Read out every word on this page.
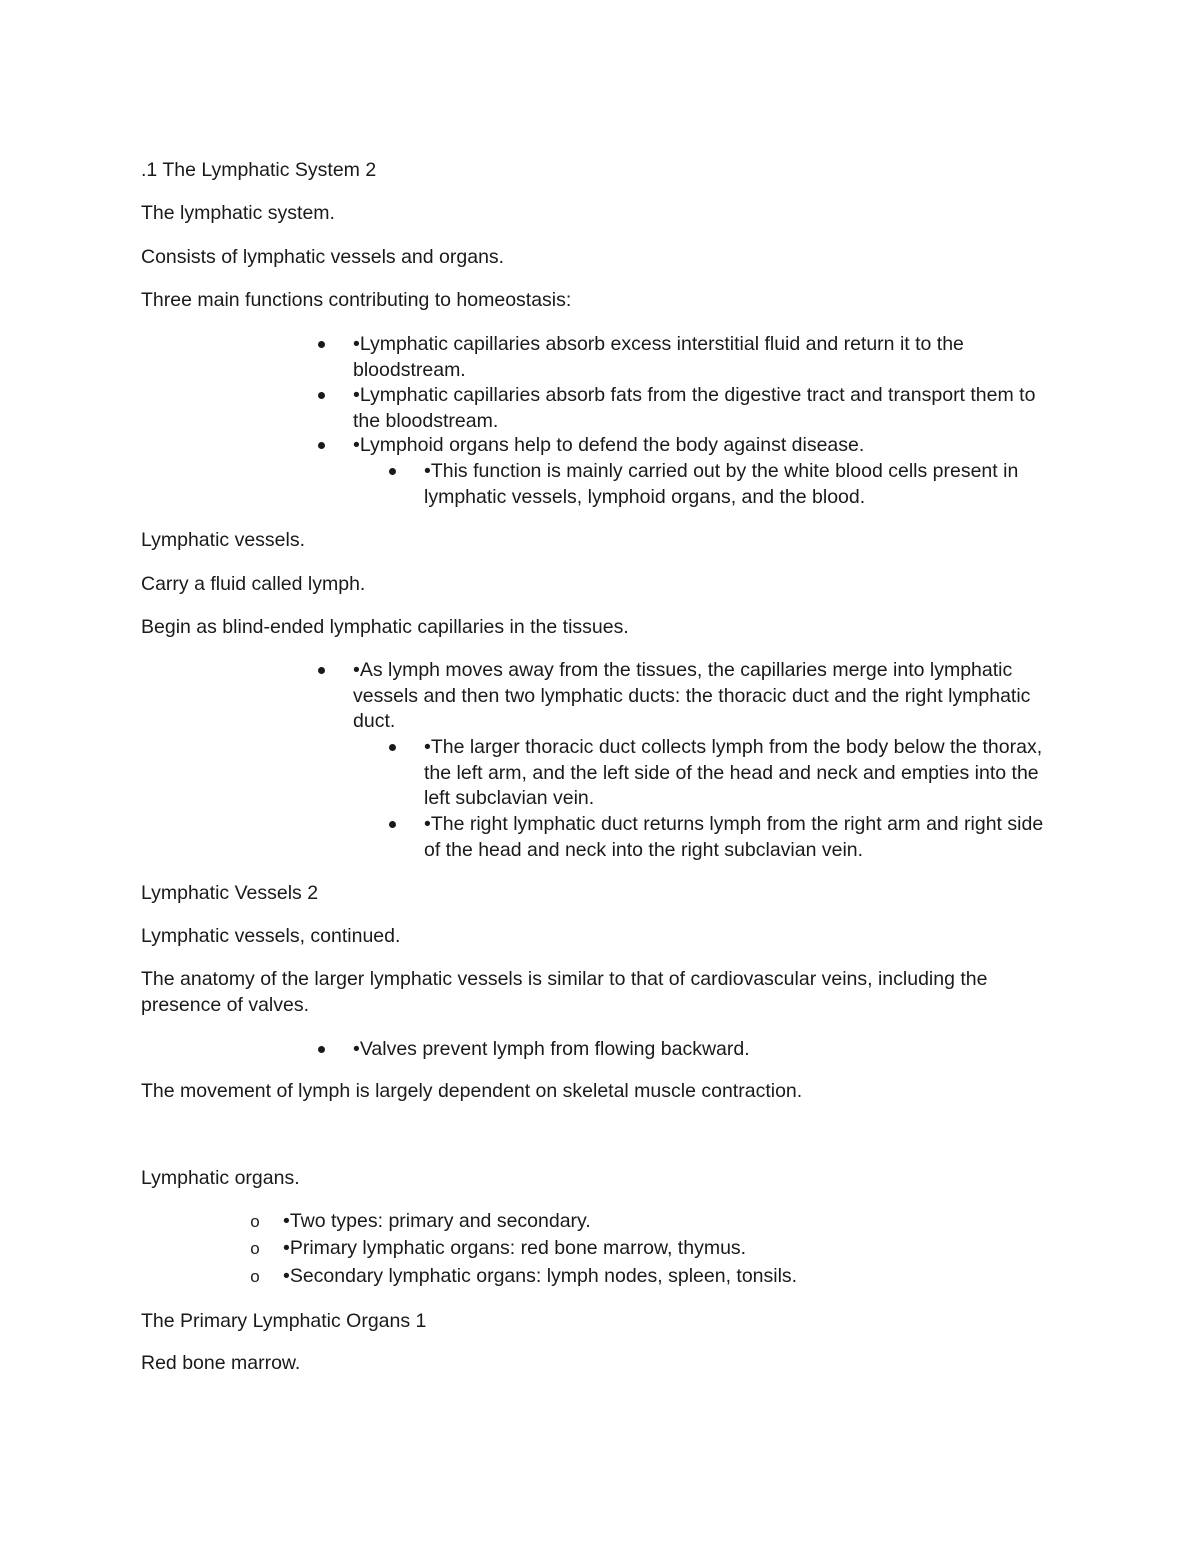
.1 The Lymphatic System 2
The lymphatic system.
Consists of lymphatic vessels and organs.
Three main functions contributing to homeostasis:
•Lymphatic capillaries absorb excess interstitial fluid and return it to the bloodstream.
•Lymphatic capillaries absorb fats from the digestive tract and transport them to the bloodstream.
•Lymphoid organs help to defend the body against disease.
•This function is mainly carried out by the white blood cells present in lymphatic vessels, lymphoid organs, and the blood.
Lymphatic vessels.
Carry a fluid called lymph.
Begin as blind-ended lymphatic capillaries in the tissues.
•As lymph moves away from the tissues, the capillaries merge into lymphatic vessels and then two lymphatic ducts: the thoracic duct and the right lymphatic duct.
•The larger thoracic duct collects lymph from the body below the thorax, the left arm, and the left side of the head and neck and empties into the left subclavian vein.
•The right lymphatic duct returns lymph from the right arm and right side of the head and neck into the right subclavian vein.
Lymphatic Vessels 2
Lymphatic vessels, continued.
The anatomy of the larger lymphatic vessels is similar to that of cardiovascular veins, including the presence of valves.
•Valves prevent lymph from flowing backward.
The movement of lymph is largely dependent on skeletal muscle contraction.
Lymphatic organs.
o •Two types: primary and secondary.
o •Primary lymphatic organs: red bone marrow, thymus.
o •Secondary lymphatic organs: lymph nodes, spleen, tonsils.
The Primary Lymphatic Organs 1
Red bone marrow.
